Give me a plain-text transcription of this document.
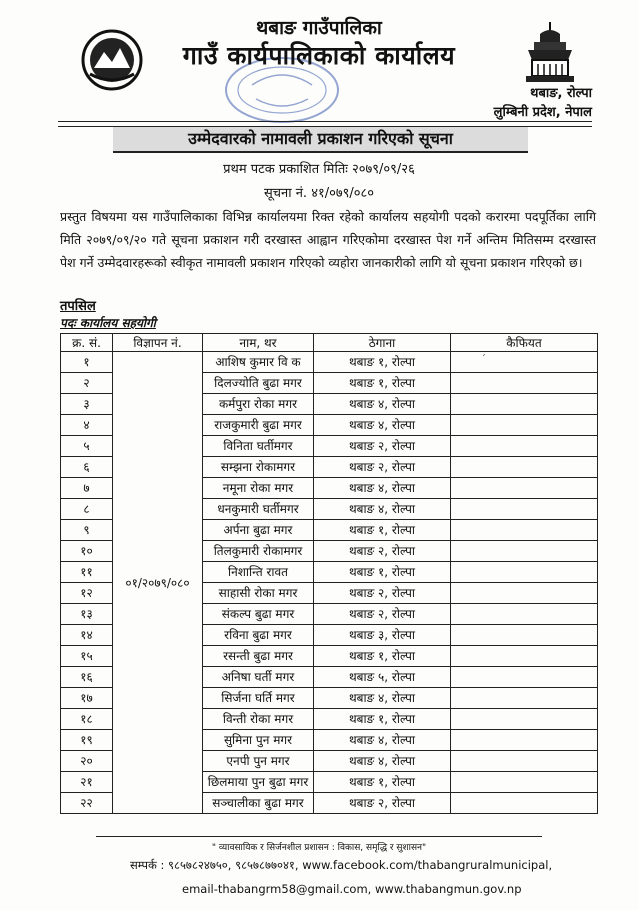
थबाङ गाउँपालिका
गाउँ कार्यपालिकाको कार्यालय
थबाङ, रोल्पा
लुम्बिनी प्रदेश, नेपाल
उम्मेदवारको नामावली प्रकाशन गरिएको सूचना
प्रथम पटक प्रकाशित मितिः २०७९/०९/२६
सूचना नं. ४१/०७९/०८०

प्रस्तुत विषयमा यस गाउँपालिकाका विभिन्न कार्यालयमा रिक्त रहेको कार्यालय सहयोगी पदको करारमा पदपूर्तिका लागि मिति २०७९/०९/२० गते सूचना प्रकाशन गरी दरखास्त आह्वान गरिएकोमा दरखास्त पेश गर्ने अन्तिम मितिसम्म दरखास्त पेश गर्ने उम्मेदवारहरूको स्वीकृत नामावली प्रकाशन गरिएको व्यहोरा जानकारीको लागि यो सूचना प्रकाशन गरिएको छ।

तपसिल
पदः कार्यालय सहयोगी
क्र. सं.	विज्ञापन नं.	नाम, थर	ठेगाना	कैफियत
१	०१/२०७९/०८०	आशिष कुमार वि क	थबाङ १, रोल्पा	
२		दिलज्योति बुढा मगर	थबाङ १, रोल्पा	
३		कर्मपुरा रोका मगर	थबाङ ४, रोल्पा	
४		राजकुमारी बुढा मगर	थबाङ ४, रोल्पा	
५		विनिता घर्तीमगर	थबाङ २, रोल्पा	
६		सम्झना रोकामगर	थबाङ २, रोल्पा	
७		नमूना रोका मगर	थबाङ ४, रोल्पा	
८		धनकुमारी घर्तीमगर	थबाङ ४, रोल्पा	
९		अर्पना बुढा मगर	थबाङ १, रोल्पा	
१०		तिलकुमारी रोकामगर	थबाङ २, रोल्पा	
११		निशान्ति रावत	थबाङ १, रोल्पा	
१२		साहासी रोका मगर	थबाङ २, रोल्पा	
१३		संकल्प बुढा मगर	थबाङ २, रोल्पा	
१४		रविना बुढा मगर	थबाङ ३, रोल्पा	
१५		रसन्ती बुढा मगर	थबाङ १, रोल्पा	
१६		अनिषा घर्ती मगर	थबाङ ५, रोल्पा	
१७		सिर्जना घर्ति मगर	थबाङ ४, रोल्पा	
१८		विन्ती रोका मगर	थबाङ १, रोल्पा	
१९		सुमिना पुन मगर	थबाङ ४, रोल्पा	
२०		एनपी पुन मगर	थबाङ ४, रोल्पा	
२१		छिलमाया पुन बुढा मगर	थबाङ १, रोल्पा	
२२		सञ्चालीका बुढा मगर	थबाङ २, रोल्पा	
ˊ
" व्यावसायिक र सिर्जनशील प्रशासन : विकास, समृद्धि र सुशासन"
सम्पर्क : ९८५७८२४७५०, ९८५७८७७०४१, www.facebook.com/thabangruralmunicipal,
email-thabangrm58@gmail.com, www.thabangmun.gov.np
